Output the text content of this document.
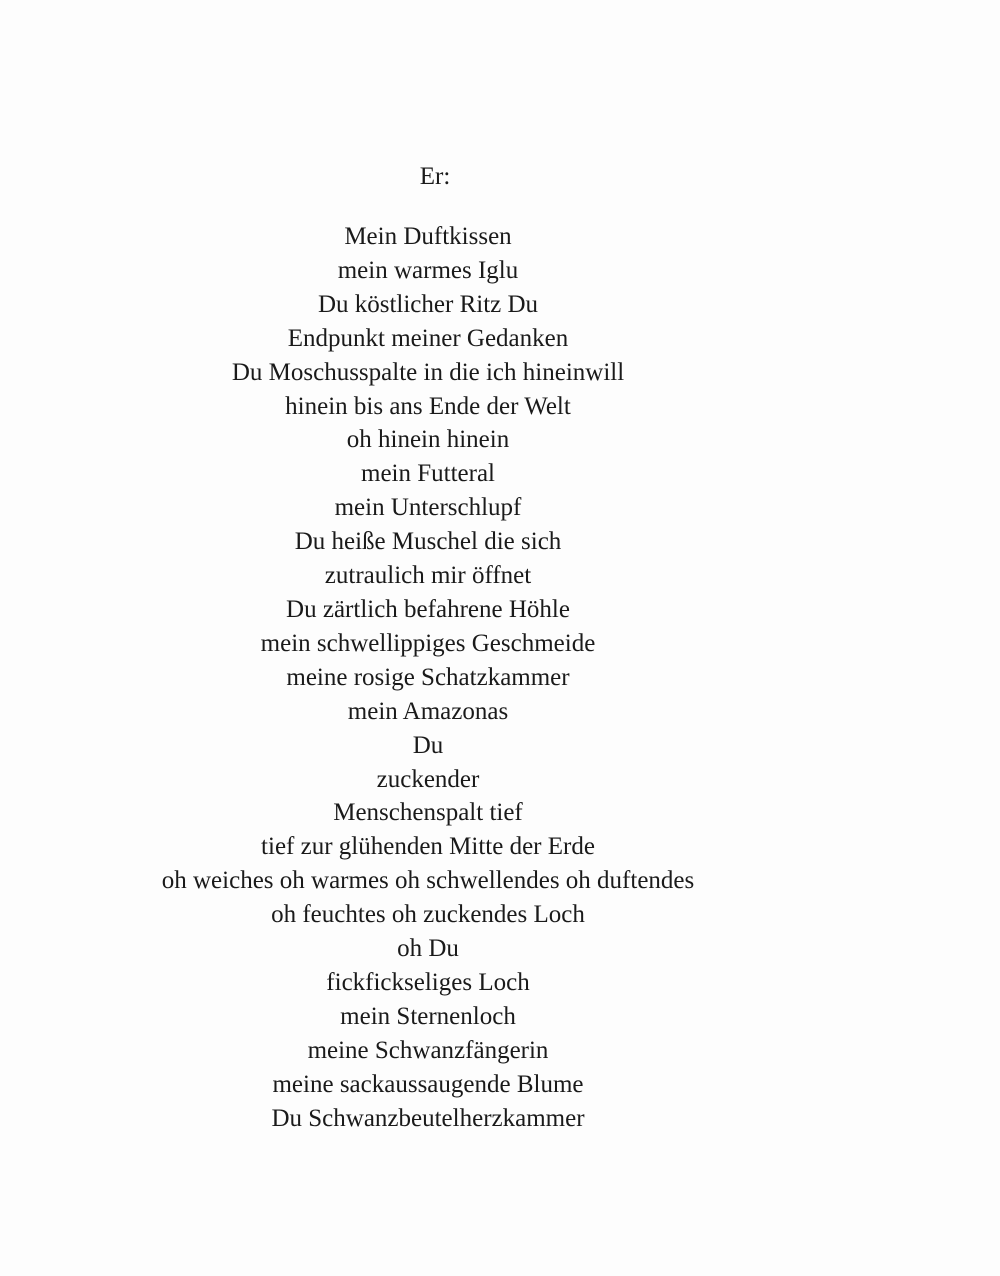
Er:
Mein Duftkissen
mein warmes Iglu
Du köstlicher Ritz Du
Endpunkt meiner Gedanken
Du Moschusspalte in die ich hineinwill
hinein bis ans Ende der Welt
oh hinein hinein
mein Futteral
mein Unterschlupf
Du heiße Muschel die sich
zutraulich mir öffnet
Du zärtlich befahrene Höhle
mein schwellippiges Geschmeide
meine rosige Schatzkammer
mein Amazonas
Du
zuckender
Menschenspalt tief
tief zur glühenden Mitte der Erde
oh weiches oh warmes oh schwellendes oh duftendes
oh feuchtes oh zuckendes Loch
oh Du
fickfickseliges Loch
mein Sternenloch
meine Schwanzfängerin
meine sackaussaugende Blume
Du Schwanzbeutelherzkammer
